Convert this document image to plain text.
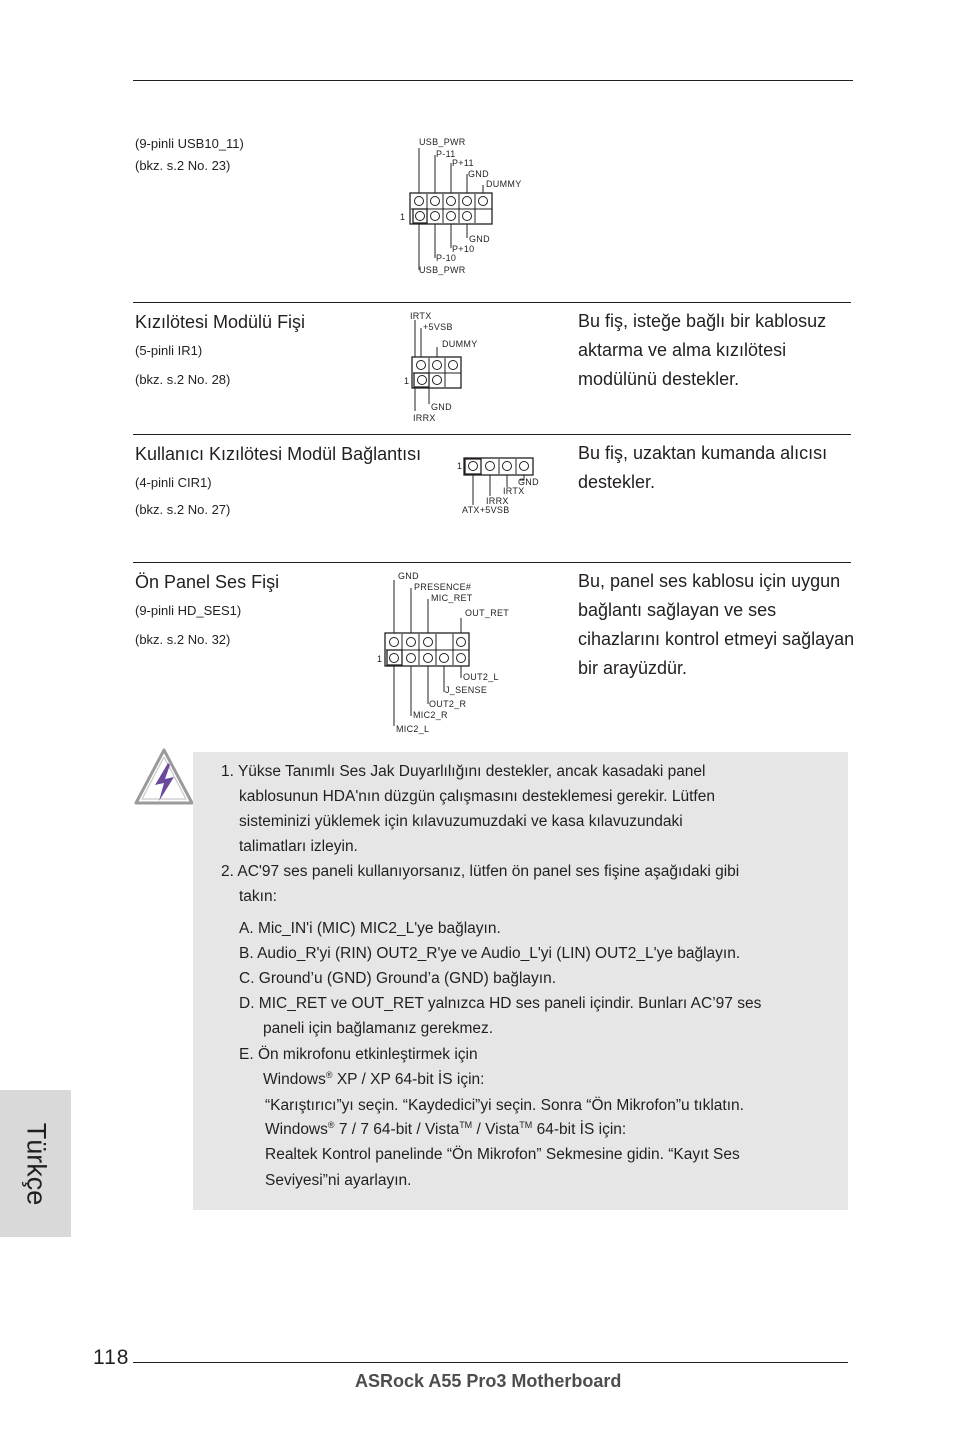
(9-pinli USB10_11)
(bkz. s.2 No. 23)
USB_PWR
P-11
P+11
GND
DUMMY
1
GND
P+10
P-10
USB_PWR
Kızılötesi Modülü Fişi
(5-pinli IR1)
(bkz. s.2 No. 28)
Bu fiş, isteğe bağlı bir kablosuz aktarma ve alma kızılötesi modülünü destekler.
IRTX
+5VSB
DUMMY
1
GND
IRRX
Kullanıcı Kızılötesi Modül Bağlantısı
(4-pinli CIR1)
(bkz. s.2 No. 27)
Bu fiş, uzaktan kumanda alıcısı destekler.
1
GND
IRTX
IRRX
ATX+5VSB
Ön Panel Ses Fişi
(9-pinli HD_SES1)
(bkz. s.2 No. 32)
Bu, panel ses kablosu için uygun bağlantı sağlayan ve ses cihazlarını kontrol etmeyi sağlayan bir arayüzdür.
GND
PRESENCE#
MIC_RET
OUT_RET
1
OUT2_L
J_SENSE
OUT2_R
MIC2_R
MIC2_L
1. Yükse Tanımlı Ses Jak Duyarlılığını destekler, ancak kasadaki panel
kablosunun HDA'nın düzgün çalışmasını desteklemesi gerekir. Lütfen
sisteminizi yüklemek için kılavuzumuzdaki ve kasa kılavuzundaki
talimatları izleyin.
2. AC'97 ses paneli kullanıyorsanız, lütfen ön panel ses fişine aşağıdaki gibi
takın:
A. Mic_IN'i (MIC) MIC2_L'ye bağlayın.
B. Audio_R'yi (RIN) OUT2_R'ye ve Audio_L'yi (LIN) OUT2_L'ye bağlayın.
C. Ground’u (GND) Ground’a (GND) bağlayın.
D. MIC_RET ve OUT_RET yalnızca HD ses paneli içindir. Bunları AC’97 ses
paneli için bağlamanız gerekmez.
E. Ön mikrofonu etkinleştirmek için
Windows® XP / XP 64-bit İS için:
“Karıştırıcı”yı seçin. “Kaydedici”yi seçin. Sonra “Ön Mikrofon”u tıklatın.
Windows® 7 / 7 64-bit / Vista™ / Vista™ 64-bit İS için:
Realtek Kontrol panelinde “Ön Mikrofon” Sekmesine gidin. “Kayıt Ses
Seviyesi”ni ayarlayın.
Türkçe
118
ASRock A55 Pro3 Motherboard
